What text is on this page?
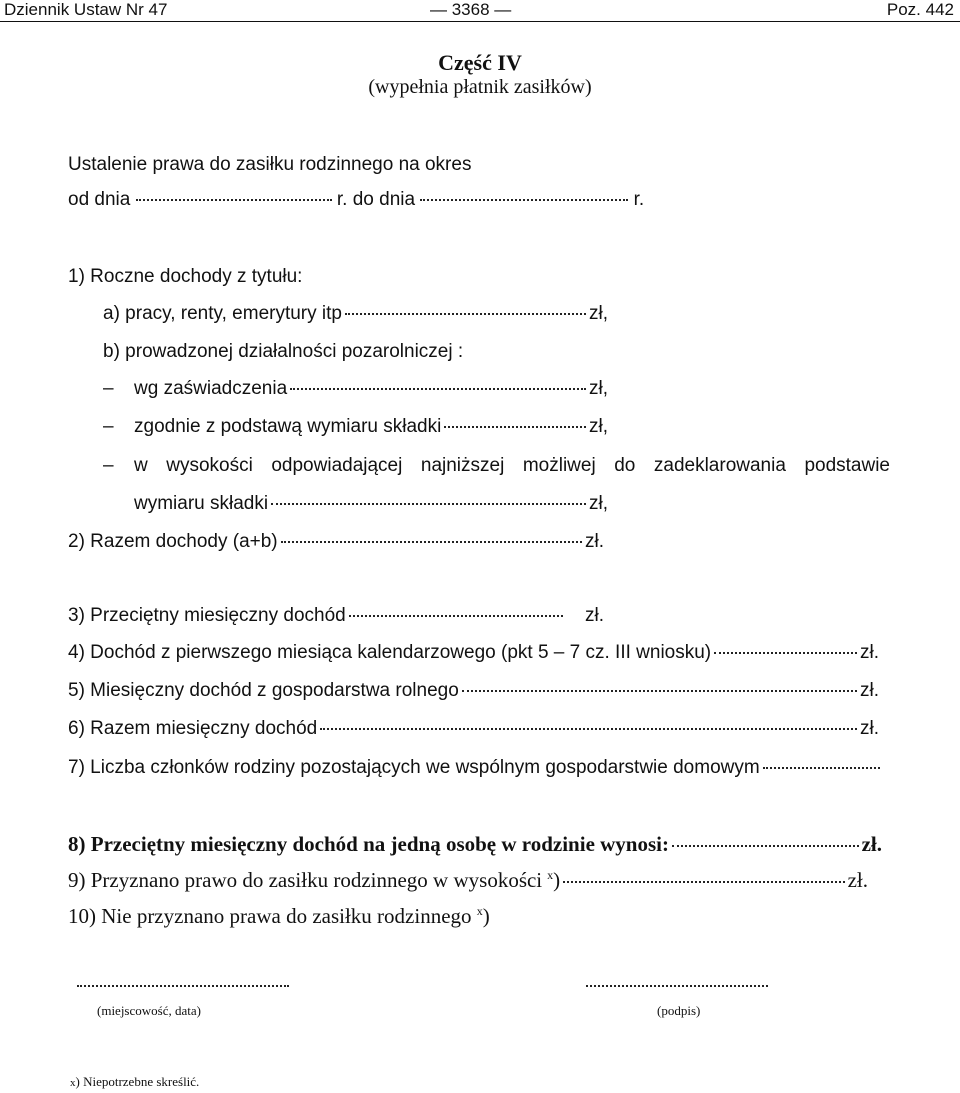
Dziennik Ustaw Nr 47	— 3368 —	Poz. 442
Część IV
(wypełnia płatnik zasiłków)
Ustalenie prawa do zasiłku rodzinnego na okres
od dnia	r. do dnia	r.
1) Roczne dochody z tytułu:
a) pracy, renty, emerytury itp	zł,
b) prowadzonej działalności pozarolniczej :
– wg zaświadczenia	zł,
– zgodnie z podstawą wymiaru składki	zł,
– w wysokości odpowiadającej najniższej możliwej do zadeklarowania podstawie
wymiaru składki	zł,
2) Razem dochody (a+b)	zł.
3) Przeciętny miesięczny dochód	zł.
4) Dochód z pierwszego miesiąca kalendarzowego (pkt 5 – 7 cz. III wniosku)	zł.
5) Miesięczny dochód z gospodarstwa rolnego	zł.
6) Razem miesięczny dochód	zł.
7) Liczba członków rodziny pozostających we wspólnym gospodarstwie domowym
8) Przeciętny miesięczny dochód na jedną osobę w rodzinie wynosi:	zł.
9) Przyznano prawo do zasiłku rodzinnego w wysokości $^x$)	zł.
10) Nie przyznano prawa do zasiłku rodzinnego $^x$)
(miejscowość, data)	(podpis)
x) Niepotrzebne skreślić.
